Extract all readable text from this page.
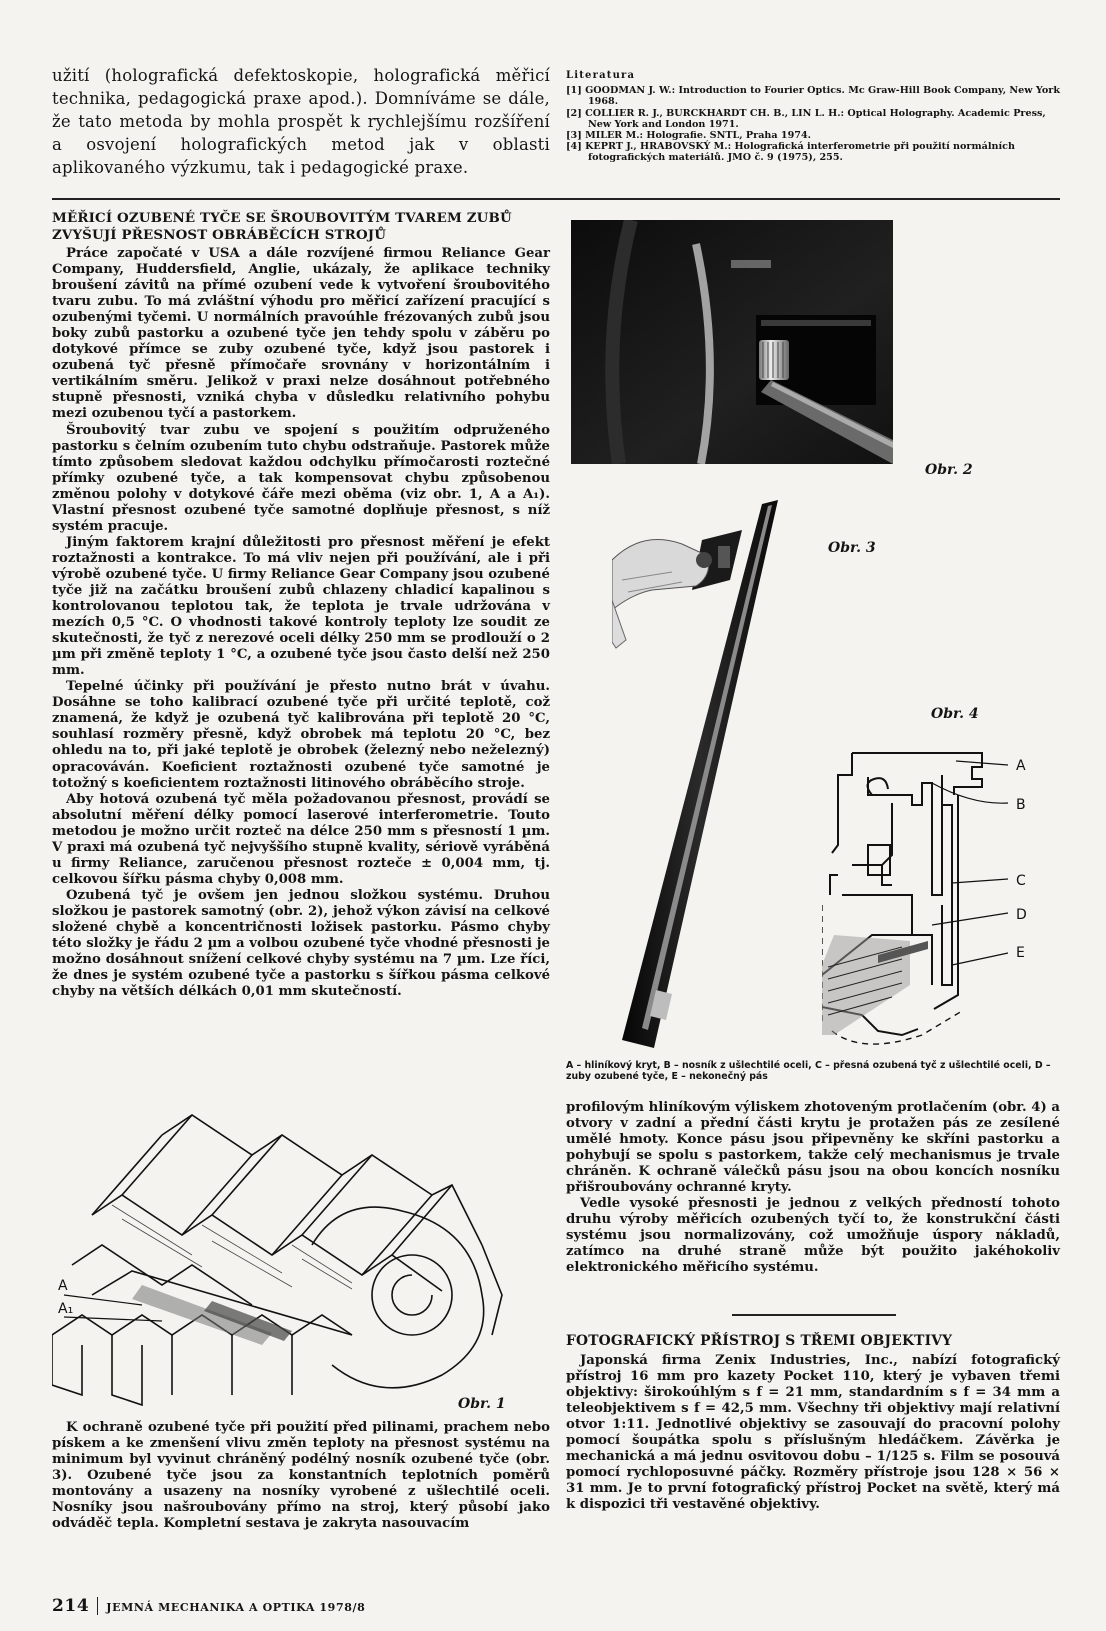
užití (holografická defektoskopie, holografická měřicí technika, pedagogická praxe apod.). Domníváme se dále, že tato metoda by mohla prospět k rychlejšímu rozšíření a osvojení holografických metod jak v oblasti aplikovaného výzkumu, tak i pedagogické praxe.
Literatura
[1] GOODMAN J. W.: Introduction to Fourier Optics. Mc Graw-Hill Book Company, New York 1968.
[2] COLLIER R. J., BURCKHARDT CH. B., LIN L. H.: Optical Holography. Academic Press, New York and London 1971.
[3] MILER M.: Holografie. SNTL, Praha 1974.
[4] KEPRT J., HRABOVSKÝ M.: Holografická interferometrie při použití normálních fotografických materiálů. JMO č. 9 (1975), 255.
MĚŘICÍ OZUBENÉ TYČE SE ŠROUBOVITÝM TVAREM ZUBŮ ZVYŠUJÍ PŘESNOST OBRÁBĚCÍCH STROJŮ

Práce započaté v USA a dále rozvíjené firmou Reliance Gear Company, Huddersfield, Anglie, ukázaly, že aplikace techniky broušení závitů na přímé ozubení vede k vytvoření šroubovitého tvaru zubu. To má zvláštní výhodu pro měřicí zařízení pracující s ozubenými tyčemi. U normálních pravoúhle frézovaných zubů jsou boky zubů pastorku a ozubené tyče jen tehdy spolu v záběru po dotykové přímce se zuby ozubené tyče, když jsou pastorek i ozubená tyč přesně přímočaře srovnány v horizontálním i vertikálním směru. Jelikož v praxi nelze dosáhnout potřebného stupně přesnosti, vzniká chyba v důsledku relativního pohybu mezi ozubenou tyčí a pastorkem.

Šroubovitý tvar zubu ve spojení s použitím odpruženého pastorku s čelním ozubením tuto chybu odstraňuje. Pastorek může tímto způsobem sledovat každou odchylku přímočarosti roztečné přímky ozubené tyče, a tak kompensovat chybu způsobenou změnou polohy v dotykové čáře mezi oběma (viz obr. 1, A a A₁). Vlastní přesnost ozubené tyče samotné doplňuje přesnost, s níž systém pracuje.

Jiným faktorem krajní důležitosti pro přesnost měření je efekt roztažnosti a kontrakce. To má vliv nejen při používání, ale i při výrobě ozubené tyče. U firmy Reliance Gear Company jsou ozubené tyče již na začátku broušení zubů chlazeny chladicí kapalinou s kontrolovanou teplotou tak, že teplota je trvale udržována v mezích 0,5 °C. O vhodnosti takové kontroly teploty lze soudit ze skutečnosti, že tyč z nerezové oceli délky 250 mm se prodlouží o 2 µm při změně teploty 1 °C, a ozubené tyče jsou často delší než 250 mm.

Tepelné účinky při používání je přesto nutno brát v úvahu. Dosáhne se toho kalibrací ozubené tyče při určité teplotě, což znamená, že když je ozubená tyč kalibrována při teplotě 20 °C, souhlasí rozměry přesně, když obrobek má teplotu 20 °C, bez ohledu na to, při jaké teplotě je obrobek (železný nebo neželezný) opracováván. Koeficient roztažnosti ozubené tyče samotné je totožný s koeficientem roztažnosti litinového obráběcího stroje.

Aby hotová ozubená tyč měla požadovanou přesnost, provádí se absolutní měření délky pomocí laserové interferometrie. Touto metodou je možno určit rozteč na délce 250 mm s přesností 1 µm. V praxi má ozubená tyč nejvyššího stupně kvality, sériově vyráběná u firmy Reliance, zaručenou přesnost rozteče ± 0,004 mm, tj. celkovou šířku pásma chyby 0,008 mm.

Ozubená tyč je ovšem jen jednou složkou systému. Druhou složkou je pastorek samotný (obr. 2), jehož výkon závisí na celkové složené chybě a koncentričnosti ložisek pastorku. Pásmo chyby této složky je řádu 2 µm a volbou ozubené tyče vhodné přesnosti je možno dosáhnout snížení celkové chyby systému na 7 µm. Lze říci, že dnes je systém ozubené tyče a pastorku s šířkou pásma celkové chyby na větších délkách 0,01 mm skutečností.

Obr. 2
Obr. 3
Obr. 4
A
B
C
D
E
A – hliníkový kryt, B – nosník z ušlechtilé oceli, C – přesná ozubená tyč z ušlechtilé oceli, D – zuby ozubené tyče, E – nekonečný pás

profilovým hliníkovým výliskem zhotoveným protlačením (obr. 4) a otvory v zadní a přední části krytu je protažen pás ze zesílené umělé hmoty. Konce pásu jsou připevněny ke skříni pastorku a pohybují se spolu s pastorkem, takže celý mechanismus je trvale chráněn. K ochraně válečků pásu jsou na obou koncích nosníku přišroubovány ochranné kryty.

Vedle vysoké přesnosti je jednou z velkých předností tohoto druhu výroby měřicích ozubených tyčí to, že konstrukční části systému jsou normalizovány, což umožňuje úspory nákladů, zatímco na druhé straně může být použito jakéhokoliv elektronického měřicího systému.

FOTOGRAFICKÝ PŘÍSTROJ S TŘEMI OBJEKTIVY

Japonská firma Zenix Industries, Inc., nabízí fotografický přístroj 16 mm pro kazety Pocket 110, který je vybaven třemi objektivy: širokoúhlým s f = 21 mm, standardním s f = 34 mm a teleobjektivem s f = 42,5 mm. Všechny tři objektivy mají relativní otvor 1:11. Jednotlivé objektivy se zasouvají do pracovní polohy pomocí šoupátka spolu s příslušným hledáčkem. Závěrka je mechanická a má jednu osvitovou dobu – 1/125 s. Film se posouvá pomocí rychloposuvné páčky. Rozměry přístroje jsou 128 × 56 × 31 mm. Je to první fotografický přístroj Pocket na světě, který má k dispozici tři vestavěné objektivy.

A
A₁
Obr. 1

K ochraně ozubené tyče při použití před pilinami, prachem nebo pískem a ke zmenšení vlivu změn teploty na přesnost systému na minimum byl vyvinut chráněný podélný nosník ozubené tyče (obr. 3). Ozubené tyče jsou za konstantních teplotních poměrů montovány a usazeny na nosníky vyrobené z ušlechtilé oceli. Nosníky jsou našroubovány přímo na stroj, který působí jako odváděč tepla. Kompletní sestava je zakryta nasouvacím

214 JEMNÁ MECHANIKA A OPTIKA 1978/8
